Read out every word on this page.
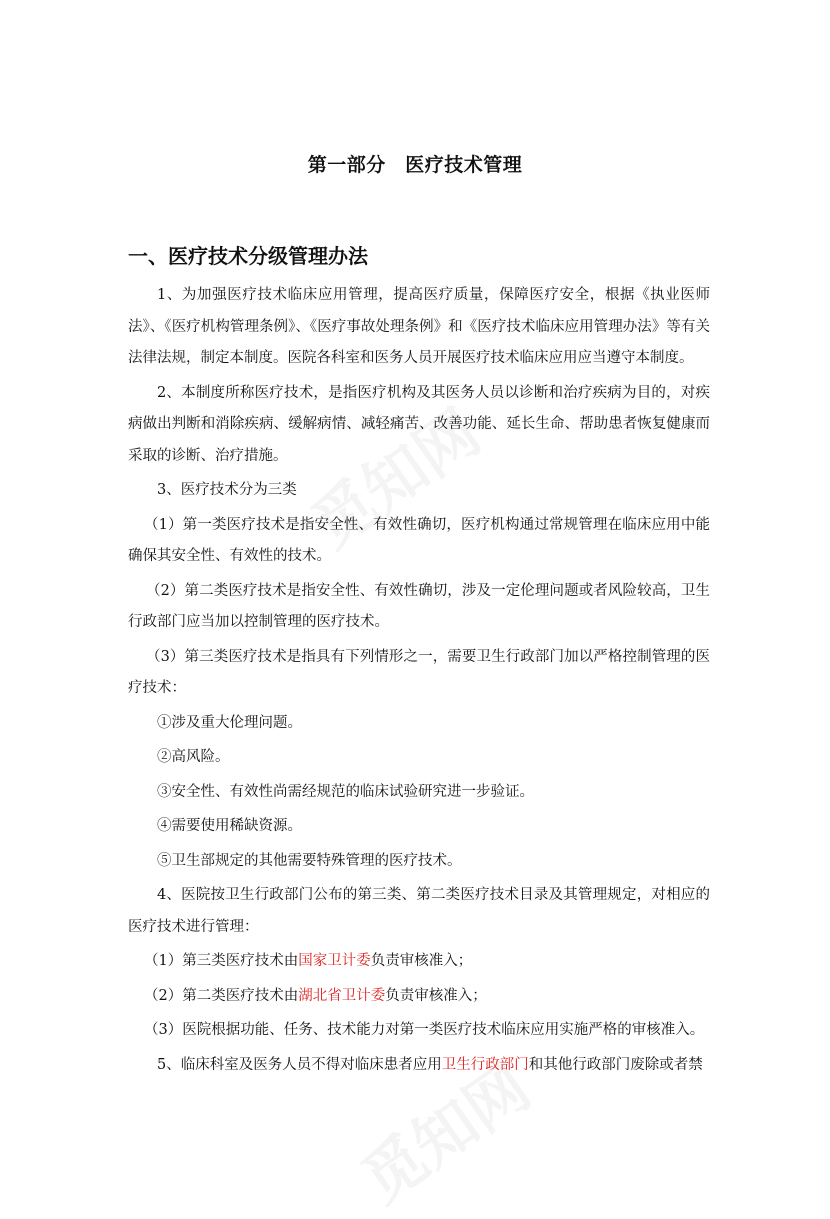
第一部分　医疗技术管理
一、医疗技术分级管理办法

1、为加强医疗技术临床应用管理，提高医疗质量，保障医疗安全，根据《执业医师法》、《医疗机构管理条例》、《医疗事故处理条例》和《医疗技术临床应用管理办法》等有关法律法规，制定本制度。医院各科室和医务人员开展医疗技术临床应用应当遵守本制度。

2、本制度所称医疗技术，是指医疗机构及其医务人员以诊断和治疗疾病为目的，对疾病做出判断和消除疾病、缓解病情、减轻痛苦、改善功能、延长生命、帮助患者恢复健康而采取的诊断、治疗措施。

3、医疗技术分为三类

（1）第一类医疗技术是指安全性、有效性确切，医疗机构通过常规管理在临床应用中能确保其安全性、有效性的技术。

（2）第二类医疗技术是指安全性、有效性确切，涉及一定伦理问题或者风险较高，卫生行政部门应当加以控制管理的医疗技术。

（3）第三类医疗技术是指具有下列情形之一，需要卫生行政部门加以严格控制管理的医疗技术：

①涉及重大伦理问题。

②高风险。

③安全性、有效性尚需经规范的临床试验研究进一步验证。

④需要使用稀缺资源。

⑤卫生部规定的其他需要特殊管理的医疗技术。

4、医院按卫生行政部门公布的第三类、第二类医疗技术目录及其管理规定，对相应的医疗技术进行管理：

（1）第三类医疗技术由国家卫计委负责审核准入；

（2）第二类医疗技术由湖北省卫计委负责审核准入；

（3）医院根据功能、任务、技术能力对第一类医疗技术临床应用实施严格的审核准入。

5、临床科室及医务人员不得对临床患者应用卫生行政部门和其他行政部门废除或者禁
